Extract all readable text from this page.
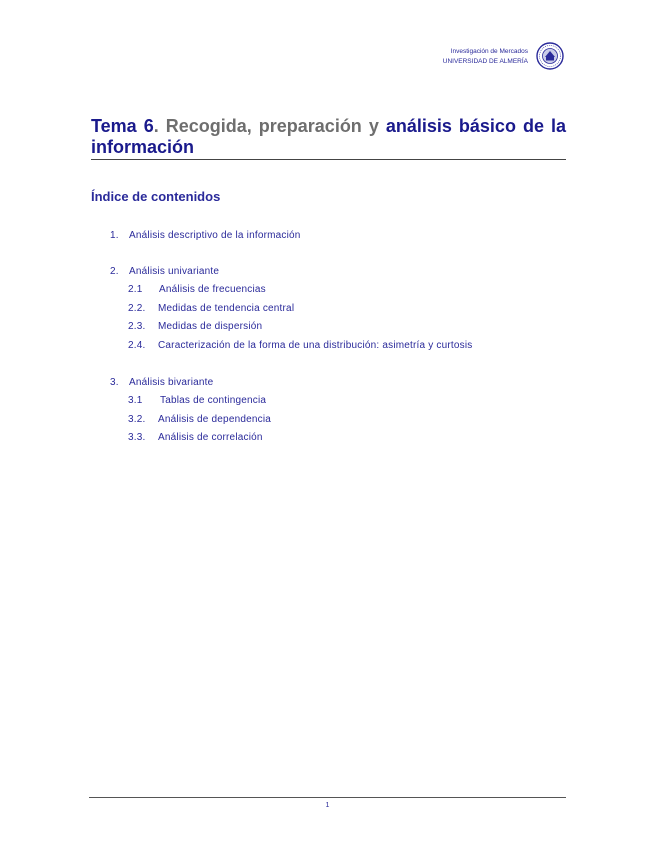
Investigación de Mercados
UNIVERSIDAD DE ALMERÍA
Tema 6. Recogida, preparación y análisis básico de la información
Índice de contenidos
1. Análisis descriptivo de la información
2. Análisis univariante
2.1 Análisis de frecuencias
2.2. Medidas de tendencia central
2.3. Medidas de dispersión
2.4. Caracterización de la forma de una distribución: asimetría y curtosis
3. Análisis bivariante
3.1 Tablas de contingencia
3.2. Análisis de dependencia
3.3. Análisis de correlación
1
